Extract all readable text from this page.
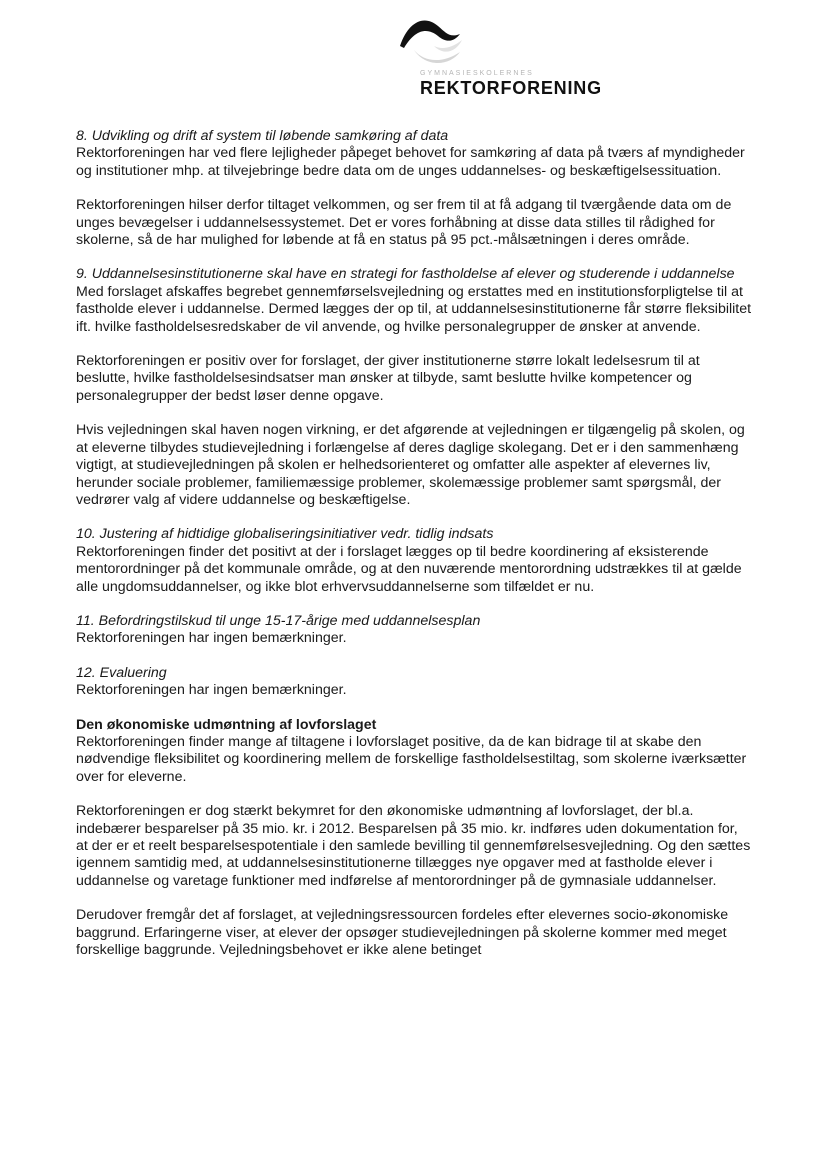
GYMNASIESKOLERNES
REKTORFORENING
8. Udvikling og drift af system til løbende samkøring af data

Rektorforeningen har ved flere lejligheder påpeget behovet for samkøring af data på tværs af myndigheder og institutioner mhp. at tilvejebringe bedre data om de unges uddannelses- og beskæftigelsessituation.

Rektorforeningen hilser derfor tiltaget velkommen, og ser frem til at få adgang til tværgående data om de unges bevægelser i uddannelsessystemet. Det er vores forhåbning at disse data stilles til rådighed for skolerne, så de har mulighed for løbende at få en status på 95 pct.-målsætningen i deres område.

9. Uddannelsesinstitutionerne skal have en strategi for fastholdelse af elever og studerende i uddannelse

Med forslaget afskaffes begrebet gennemførselsvejledning og erstattes med en institutionsforpligtelse til at fastholde elever i uddannelse. Dermed lægges der op til, at uddannelsesinstitutionerne får større fleksibilitet ift. hvilke fastholdelsesredskaber de vil anvende, og hvilke personalegrupper de ønsker at anvende.

Rektorforeningen er positiv over for forslaget, der giver institutionerne større lokalt ledelsesrum til at beslutte, hvilke fastholdelsesindsatser man ønsker at tilbyde, samt beslutte hvilke kompetencer og personalegrupper der bedst løser denne opgave.

Hvis vejledningen skal haven nogen virkning, er det afgørende at vejledningen er tilgængelig på skolen, og at eleverne tilbydes studievejledning i forlængelse af deres daglige skolegang. Det er i den sammenhæng vigtigt, at studievejledningen på skolen er helhedsorienteret og omfatter alle aspekter af elevernes liv, herunder sociale problemer, familiemæssige problemer, skolemæssige problemer samt spørgsmål, der vedrører valg af videre uddannelse og beskæftigelse.

10. Justering af hidtidige globaliseringsinitiativer vedr. tidlig indsats

Rektorforeningen finder det positivt at der i forslaget lægges op til bedre koordinering af eksisterende mentorordninger på det kommunale område, og at den nuværende mentorordning udstrækkes til at gælde alle ungdomsuddannelser, og ikke blot erhvervsuddannelserne som tilfældet er nu.

11. Befordringstilskud til unge 15-17-årige med uddannelsesplan

Rektorforeningen har ingen bemærkninger.

12. Evaluering

Rektorforeningen har ingen bemærkninger.

Den økonomiske udmøntning af lovforslaget

Rektorforeningen finder mange af tiltagene i lovforslaget positive, da de kan bidrage til at skabe den nødvendige fleksibilitet og koordinering mellem de forskellige fastholdelsestiltag, som skolerne iværksætter over for eleverne.

Rektorforeningen er dog stærkt bekymret for den økonomiske udmøntning af lovforslaget, der bl.a. indebærer besparelser på 35 mio. kr. i 2012. Besparelsen på 35 mio. kr. indføres uden dokumentation for, at der er et reelt besparelsespotentiale i den samlede bevilling til gennemførelsesvejledning. Og den sættes igennem samtidig med, at uddannelsesinstitutionerne tillægges nye opgaver med at fastholde elever i uddannelse og varetage funktioner med indførelse af mentorordninger på de gymnasiale uddannelser.

Derudover fremgår det af forslaget, at vejledningsressourcen fordeles efter elevernes socio-økonomiske baggrund. Erfaringerne viser, at elever der opsøger studievejledningen på skolerne kommer med meget forskellige baggrunde. Vejledningsbehovet er ikke alene betinget
